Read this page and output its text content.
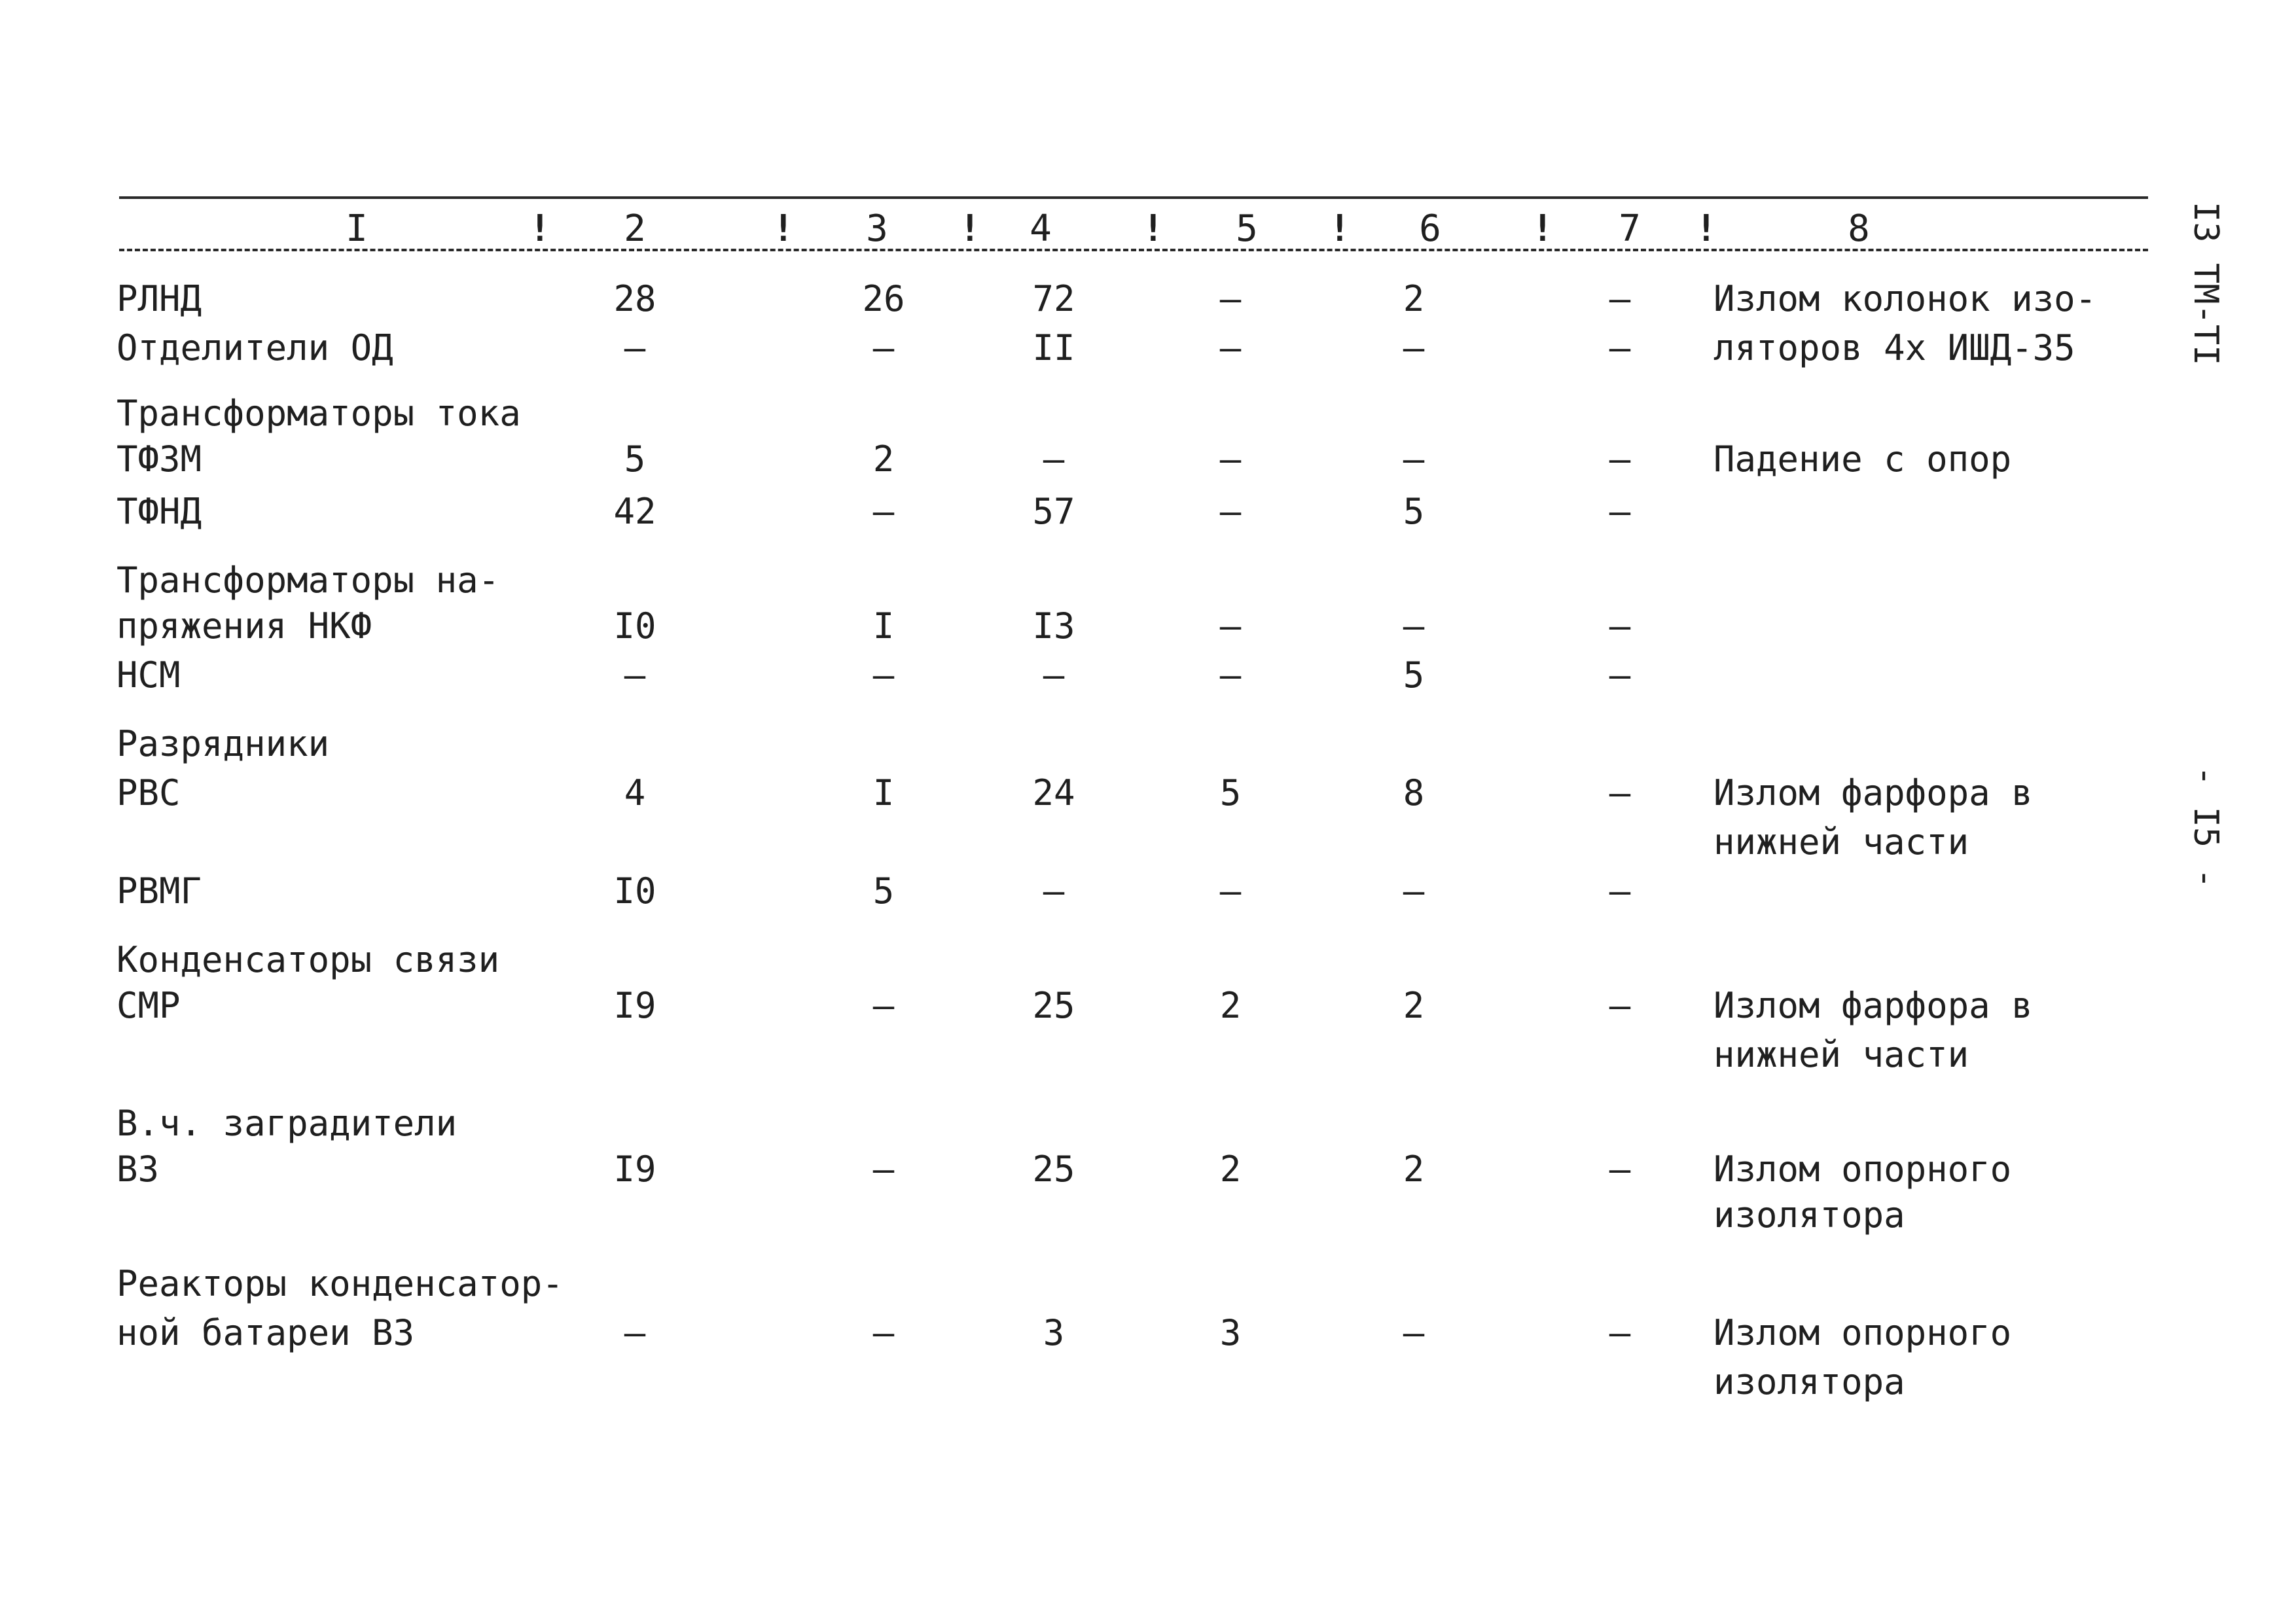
I	!	2	!	3	!	4	!	5	!	6	!	7	!	8
РЛНД	28	26	72	–	2	–	Излом колонок изо-
Отделители ОД	–	–	II	–	–	–	ляторов 4х ИШД-35
Трансформаторы тока
ТФЗМ	5	2	–	–	–	–	Падение с опор
ТФНД	42	–	57	–	5	–
Трансформаторы на-
пряжения НКФ	I0	I	I3	–	–	–
НСМ	–	–	–	–	5	–
Разрядники
РВС	4	I	24	5	8	–	Излом фарфора в
нижней части
РВМГ	I0	5	–	–	–	–
Конденсаторы связи
СМР	I9	–	25	2	2	–	Излом фарфора в
нижней части
В.ч. заградители
ВЗ	I9	–	25	2	2	–	Излом опорного
изолятора
Реакторы конденсатор-
ной батареи ВЗ	–	–	3	3	–	–	Излом опорного
изолятора
I3 ТМ-ТI
- I5 -
